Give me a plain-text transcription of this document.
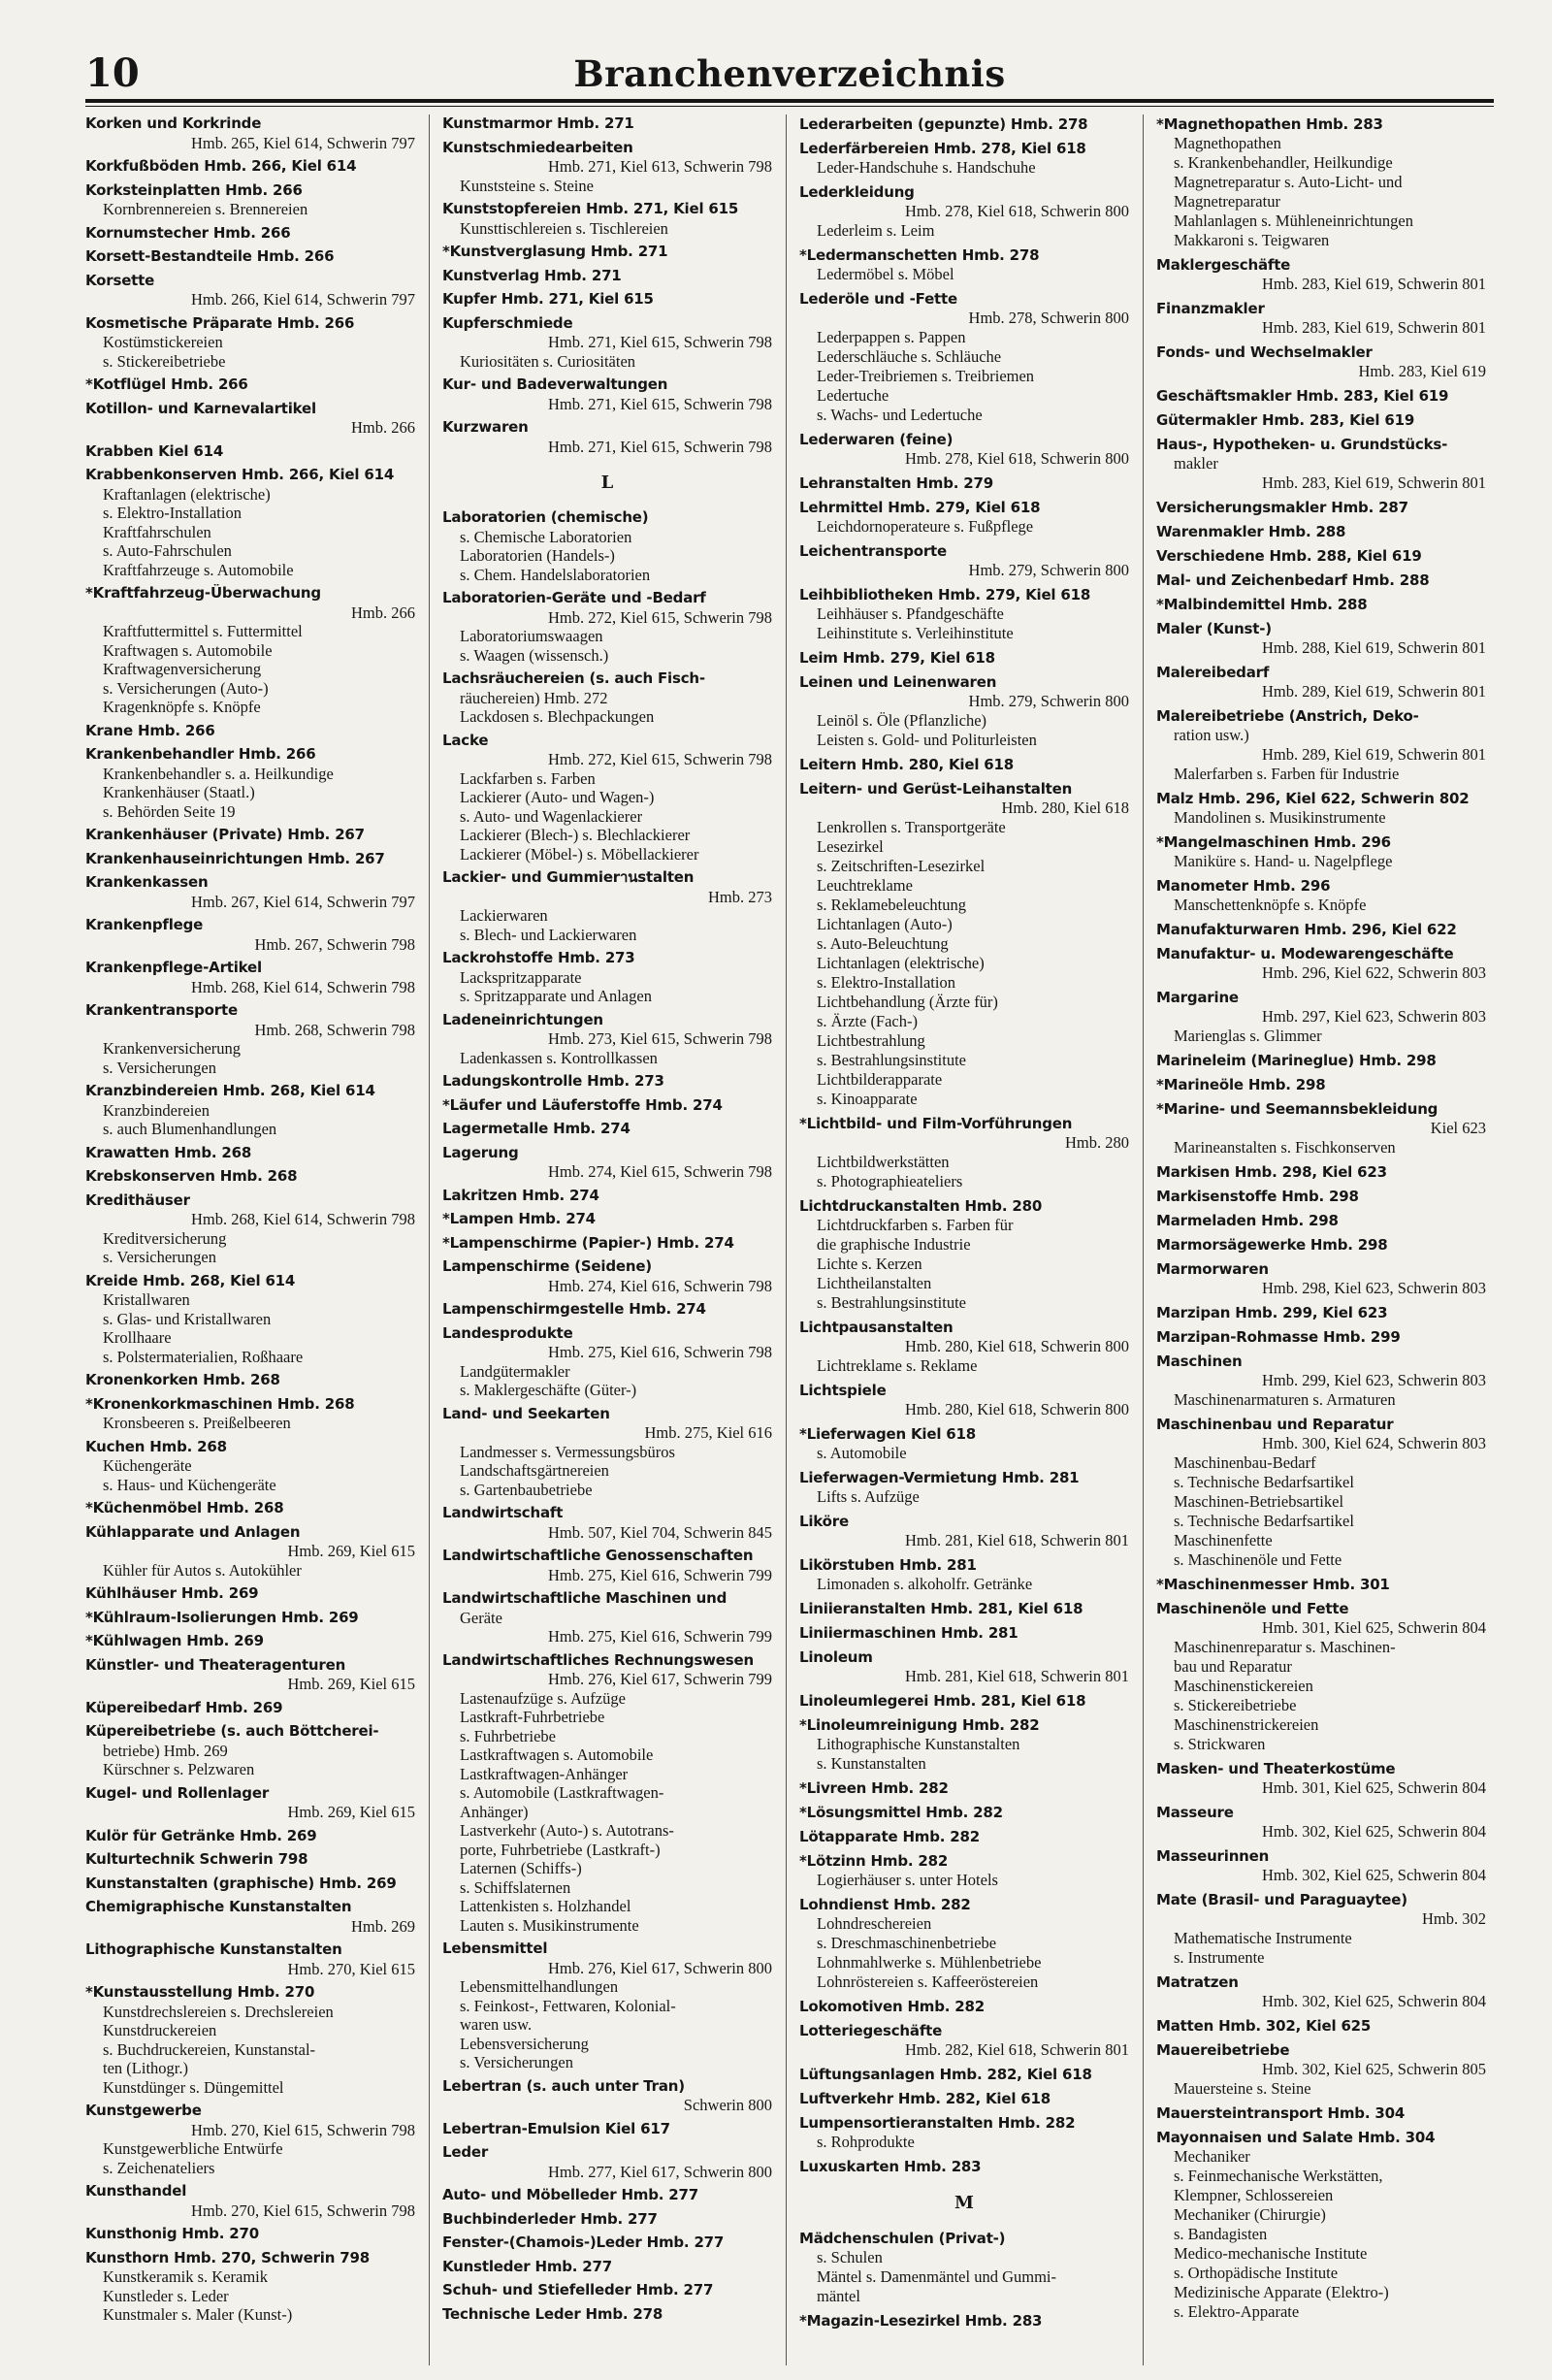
10	Branchenverzeichnis
Korken und Korkrinde
Hmb. 265, Kiel 614, Schwerin 797
Korkfußböden Hmb. 266, Kiel 614
Korksteinplatten Hmb. 266
Kornbrennereien s. Brennereien
Kornumstecher Hmb. 266
Korsett-Bestandteile Hmb. 266
Korsette
Hmb. 266, Kiel 614, Schwerin 797
Kosmetische Präparate Hmb. 266
Kostümstickereien
s. Stickereibetriebe
*Kotflügel Hmb. 266
Kotillon- und Karnevalartikel
Hmb. 266
Krabben Kiel 614
Krabbenkonserven Hmb. 266, Kiel 614
Kraftanlagen (elektrische)
s. Elektro-Installation
Kraftfahrschulen
s. Auto-Fahrschulen
Kraftfahrzeuge s. Automobile
*Kraftfahrzeug-Überwachung
Hmb. 266
Kraftfuttermittel s. Futtermittel
Kraftwagen s. Automobile
Kraftwagenversicherung
s. Versicherungen (Auto-)
Kragenknöpfe s. Knöpfe
Krane Hmb. 266
Krankenbehandler Hmb. 266
Krankenbehandler s. a. Heilkundige
Krankenhäuser (Staatl.)
s. Behörden Seite 19
Krankenhäuser (Private) Hmb. 267
Krankenhauseinrichtungen Hmb. 267
Krankenkassen
Hmb. 267, Kiel 614, Schwerin 797
Krankenpflege
Hmb. 267, Schwerin 798
Krankenpflege-Artikel
Hmb. 268, Kiel 614, Schwerin 798
Krankentransporte
Hmb. 268, Schwerin 798
Krankenversicherung
s. Versicherungen
Kranzbindereien Hmb. 268, Kiel 614
Kranzbindereien
s. auch Blumenhandlungen
Krawatten Hmb. 268
Krebskonserven Hmb. 268
Kredithäuser
Hmb. 268, Kiel 614, Schwerin 798
Kreditversicherung
s. Versicherungen
Kreide Hmb. 268, Kiel 614
Kristallwaren
s. Glas- und Kristallwaren
Krollhaare
s. Polstermaterialien, Roßhaare
Kronenkorken Hmb. 268
*Kronenkorkmaschinen Hmb. 268
Kronsbeeren s. Preißelbeeren
Kuchen Hmb. 268
Küchengeräte
s. Haus- und Küchengeräte
*Küchenmöbel Hmb. 268
Kühlapparate und Anlagen
Hmb. 269, Kiel 615
Kühler für Autos s. Autokühler
Kühlhäuser Hmb. 269
*Kühlraum-Isolierungen Hmb. 269
*Kühlwagen Hmb. 269
Künstler- und Theateragenturen
Hmb. 269, Kiel 615
Küpereibedarf Hmb. 269
Küpereibetriebe (s. auch Böttcherei-
betriebe) Hmb. 269
Kürschner s. Pelzwaren
Kugel- und Rollenlager
Hmb. 269, Kiel 615
Kulör für Getränke Hmb. 269
Kulturtechnik Schwerin 798
Kunstanstalten (graphische) Hmb. 269
Chemigraphische Kunstanstalten
Hmb. 269
Lithographische Kunstanstalten
Hmb. 270, Kiel 615
*Kunstausstellung Hmb. 270
Kunstdrechslereien s. Drechslereien
Kunstdruckereien
s. Buchdruckereien, Kunstanstal-
ten (Lithogr.)
Kunstdünger s. Düngemittel
Kunstgewerbe
Hmb. 270, Kiel 615, Schwerin 798
Kunstgewerbliche Entwürfe
s. Zeichenateliers
Kunsthandel
Hmb. 270, Kiel 615, Schwerin 798
Kunsthonig Hmb. 270
Kunsthorn Hmb. 270, Schwerin 798
Kunstkeramik s. Keramik
Kunstleder s. Leder
Kunstmaler s. Maler (Kunst-)
Kunstmarmor Hmb. 271
Kunstschmiedearbeiten
Hmb. 271, Kiel 613, Schwerin 798
Kunststeine s. Steine
Kunststopfereien Hmb. 271, Kiel 615
Kunsttischlereien s. Tischlereien
*Kunstverglasung Hmb. 271
Kunstverlag Hmb. 271
Kupfer Hmb. 271, Kiel 615
Kupferschmiede
Hmb. 271, Kiel 615, Schwerin 798
Kuriositäten s. Curiositäten
Kur- und Badeverwaltungen
Hmb. 271, Kiel 615, Schwerin 798
Kurzwaren
Hmb. 271, Kiel 615, Schwerin 798
L
Laboratorien (chemische)
s. Chemische Laboratorien
Laboratorien (Handels-)
s. Chem. Handelslaboratorien
Laboratorien-Geräte und -Bedarf
Hmb. 272, Kiel 615, Schwerin 798
Laboratoriumswaagen
s. Waagen (wissensch.)
Lachsräuchereien (s. auch Fisch-
räuchereien) Hmb. 272
Lackdosen s. Blechpackungen
Lacke
Hmb. 272, Kiel 615, Schwerin 798
Lackfarben s. Farben
Lackierer (Auto- und Wagen-)
s. Auto- und Wagenlackierer
Lackierer (Blech-) s. Blechlackierer
Lackierer (Möbel-) s. Möbellackierer
Lackier- und Gummierานstalten
Hmb. 273
Lackierwaren
s. Blech- und Lackierwaren
Lackrohstoffe Hmb. 273
Lackspritzapparate
s. Spritzapparate und Anlagen
Ladeneinrichtungen
Hmb. 273, Kiel 615, Schwerin 798
Ladenkassen s. Kontrollkassen
Ladungskontrolle Hmb. 273
*Läufer und Läuferstoffe Hmb. 274
Lagermetalle Hmb. 274
Lagerung
Hmb. 274, Kiel 615, Schwerin 798
Lakritzen Hmb. 274
*Lampen Hmb. 274
*Lampenschirme (Papier-) Hmb. 274
Lampenschirme (Seidene)
Hmb. 274, Kiel 616, Schwerin 798
Lampenschirmgestelle Hmb. 274
Landesprodukte
Hmb. 275, Kiel 616, Schwerin 798
Landgütermakler
s. Maklergeschäfte (Güter-)
Land- und Seekarten
Hmb. 275, Kiel 616
Landmesser s. Vermessungsbüros
Landschaftsgärtnereien
s. Gartenbaubetriebe
Landwirtschaft
Hmb. 507, Kiel 704, Schwerin 845
Landwirtschaftliche Genossenschaften
Hmb. 275, Kiel 616, Schwerin 799
Landwirtschaftliche Maschinen und
Geräte
Hmb. 275, Kiel 616, Schwerin 799
Landwirtschaftliches Rechnungswesen
Hmb. 276, Kiel 617, Schwerin 799
Lastenaufzüge s. Aufzüge
Lastkraft-Fuhrbetriebe
s. Fuhrbetriebe
Lastkraftwagen s. Automobile
Lastkraftwagen-Anhänger
s. Automobile (Lastkraftwagen-
Anhänger)
Lastverkehr (Auto-) s. Autotrans-
porte, Fuhrbetriebe (Lastkraft-)
Laternen (Schiffs-)
s. Schiffslaternen
Lattenkisten s. Holzhandel
Lauten s. Musikinstrumente
Lebensmittel
Hmb. 276, Kiel 617, Schwerin 800
Lebensmittelhandlungen
s. Feinkost-, Fettwaren, Kolonial-
waren usw.
Lebensversicherung
s. Versicherungen
Lebertran (s. auch unter Tran)
Schwerin 800
Lebertran-Emulsion Kiel 617
Leder
Hmb. 277, Kiel 617, Schwerin 800
Auto- und Möbelleder Hmb. 277
Buchbinderleder Hmb. 277
Fenster-(Chamois-)Leder Hmb. 277
Kunstleder Hmb. 277
Schuh- und Stiefelleder Hmb. 277
Technische Leder Hmb. 278
Lederarbeiten (gepunzte) Hmb. 278
Lederfärbereien Hmb. 278, Kiel 618
Leder-Handschuhe s. Handschuhe
Lederkleidung
Hmb. 278, Kiel 618, Schwerin 800
Lederleim s. Leim
*Ledermanschetten Hmb. 278
Ledermöbel s. Möbel
Lederöle und -Fette
Hmb. 278, Schwerin 800
Lederpappen s. Pappen
Lederschläuche s. Schläuche
Leder-Treibriemen s. Treibriemen
Ledertuche
s. Wachs- und Ledertuche
Lederwaren (feine)
Hmb. 278, Kiel 618, Schwerin 800
Lehranstalten Hmb. 279
Lehrmittel Hmb. 279, Kiel 618
Leichdornoperateure s. Fußpflege
Leichentransporte
Hmb. 279, Schwerin 800
Leihbibliotheken Hmb. 279, Kiel 618
Leihhäuser s. Pfandgeschäfte
Leihinstitute s. Verleihinstitute
Leim Hmb. 279, Kiel 618
Leinen und Leinenwaren
Hmb. 279, Schwerin 800
Leinöl s. Öle (Pflanzliche)
Leisten s. Gold- und Politurleisten
Leitern Hmb. 280, Kiel 618
Leitern- und Gerüst-Leihanstalten
Hmb. 280, Kiel 618
Lenkrollen s. Transportgeräte
Lesezirkel
s. Zeitschriften-Lesezirkel
Leuchtreklame
s. Reklamebeleuchtung
Lichtanlagen (Auto-)
s. Auto-Beleuchtung
Lichtanlagen (elektrische)
s. Elektro-Installation
Lichtbehandlung (Ärzte für)
s. Ärzte (Fach-)
Lichtbestrahlung
s. Bestrahlungsinstitute
Lichtbilderapparate
s. Kinoapparate
*Lichtbild- und Film-Vorführungen
Hmb. 280
Lichtbildwerkstätten
s. Photographieateliers
Lichtdruckanstalten Hmb. 280
Lichtdruckfarben s. Farben für
die graphische Industrie
Lichte s. Kerzen
Lichtheilanstalten
s. Bestrahlungsinstitute
Lichtpausanstalten
Hmb. 280, Kiel 618, Schwerin 800
Lichtreklame s. Reklame
Lichtspiele
Hmb. 280, Kiel 618, Schwerin 800
*Lieferwagen Kiel 618
s. Automobile
Lieferwagen-Vermietung Hmb. 281
Lifts s. Aufzüge
Liköre
Hmb. 281, Kiel 618, Schwerin 801
Likörstuben Hmb. 281
Limonaden s. alkoholfr. Getränke
Liniieranstalten Hmb. 281, Kiel 618
Liniiermaschinen Hmb. 281
Linoleum
Hmb. 281, Kiel 618, Schwerin 801
Linoleumlegerei Hmb. 281, Kiel 618
*Linoleumreinigung Hmb. 282
Lithographische Kunstanstalten
s. Kunstanstalten
*Livreen Hmb. 282
*Lösungsmittel Hmb. 282
Lötapparate Hmb. 282
*Lötzinn Hmb. 282
Logierhäuser s. unter Hotels
Lohndienst Hmb. 282
Lohndreschereien
s. Dreschmaschinenbetriebe
Lohnmahlwerke s. Mühlenbetriebe
Lohnröstereien s. Kaffeeröstereien
Lokomotiven Hmb. 282
Lotteriegeschäfte
Hmb. 282, Kiel 618, Schwerin 801
Lüftungsanlagen Hmb. 282, Kiel 618
Luftverkehr Hmb. 282, Kiel 618
Lumpensortieranstalten Hmb. 282
s. Rohprodukte
Luxuskarten Hmb. 283
M
Mädchenschulen (Privat-)
s. Schulen
Mäntel s. Damenmäntel und Gummi-
mäntel
*Magazin-Lesezirkel Hmb. 283
*Magnethopathen Hmb. 283
Magnethopathen
s. Krankenbehandler, Heilkundige
Magnetreparatur s. Auto-Licht- und
Magnetreparatur
Mahlanlagen s. Mühleneinrichtungen
Makkaroni s. Teigwaren
Maklergeschäfte
Hmb. 283, Kiel 619, Schwerin 801
Finanzmakler
Hmb. 283, Kiel 619, Schwerin 801
Fonds- und Wechselmakler
Hmb. 283, Kiel 619
Geschäftsmakler Hmb. 283, Kiel 619
Gütermakler Hmb. 283, Kiel 619
Haus-, Hypotheken- u. Grundstücks-
makler
Hmb. 283, Kiel 619, Schwerin 801
Versicherungsmakler Hmb. 287
Warenmakler Hmb. 288
Verschiedene Hmb. 288, Kiel 619
Mal- und Zeichenbedarf Hmb. 288
*Malbindemittel Hmb. 288
Maler (Kunst-)
Hmb. 288, Kiel 619, Schwerin 801
Malereibedarf
Hmb. 289, Kiel 619, Schwerin 801
Malereibetriebe (Anstrich, Deko-
ration usw.)
Hmb. 289, Kiel 619, Schwerin 801
Malerfarben s. Farben für Industrie
Malz Hmb. 296, Kiel 622, Schwerin 802
Mandolinen s. Musikinstrumente
*Mangelmaschinen Hmb. 296
Maniküre s. Hand- u. Nagelpflege
Manometer Hmb. 296
Manschettenknöpfe s. Knöpfe
Manufakturwaren Hmb. 296, Kiel 622
Manufaktur- u. Modewarengeschäfte
Hmb. 296, Kiel 622, Schwerin 803
Margarine
Hmb. 297, Kiel 623, Schwerin 803
Marienglas s. Glimmer
Marineleim (Marineglue) Hmb. 298
*Marineöle Hmb. 298
*Marine- und Seemannsbekleidung
Kiel 623
Marineanstalten s. Fischkonserven
Markisen Hmb. 298, Kiel 623
Markisenstoffe Hmb. 298
Marmeladen Hmb. 298
Marmorsägewerke Hmb. 298
Marmorwaren
Hmb. 298, Kiel 623, Schwerin 803
Marzipan Hmb. 299, Kiel 623
Marzipan-Rohmasse Hmb. 299
Maschinen
Hmb. 299, Kiel 623, Schwerin 803
Maschinenarmaturen s. Armaturen
Maschinenbau und Reparatur
Hmb. 300, Kiel 624, Schwerin 803
Maschinenbau-Bedarf
s. Technische Bedarfsartikel
Maschinen-Betriebsartikel
s. Technische Bedarfsartikel
Maschinenfette
s. Maschinenöle und Fette
*Maschinenmesser Hmb. 301
Maschinenöle und Fette
Hmb. 301, Kiel 625, Schwerin 804
Maschinenreparatur s. Maschinen-
bau und Reparatur
Maschinenstickereien
s. Stickereibetriebe
Maschinenstrickereien
s. Strickwaren
Masken- und Theaterkostüme
Hmb. 301, Kiel 625, Schwerin 804
Masseure
Hmb. 302, Kiel 625, Schwerin 804
Masseurinnen
Hmb. 302, Kiel 625, Schwerin 804
Mate (Brasil- und Paraguaytee)
Hmb. 302
Mathematische Instrumente
s. Instrumente
Matratzen
Hmb. 302, Kiel 625, Schwerin 804
Matten Hmb. 302, Kiel 625
Mauereibetriebe
Hmb. 302, Kiel 625, Schwerin 805
Mauersteine s. Steine
Mauersteintransport Hmb. 304
Mayonnaisen und Salate Hmb. 304
Mechaniker
s. Feinmechanische Werkstätten,
Klempner, Schlossereien
Mechaniker (Chirurgie)
s. Bandagisten
Medico-mechanische Institute
s. Orthopädische Institute
Medizinische Apparate (Elektro-)
s. Elektro-Apparate
